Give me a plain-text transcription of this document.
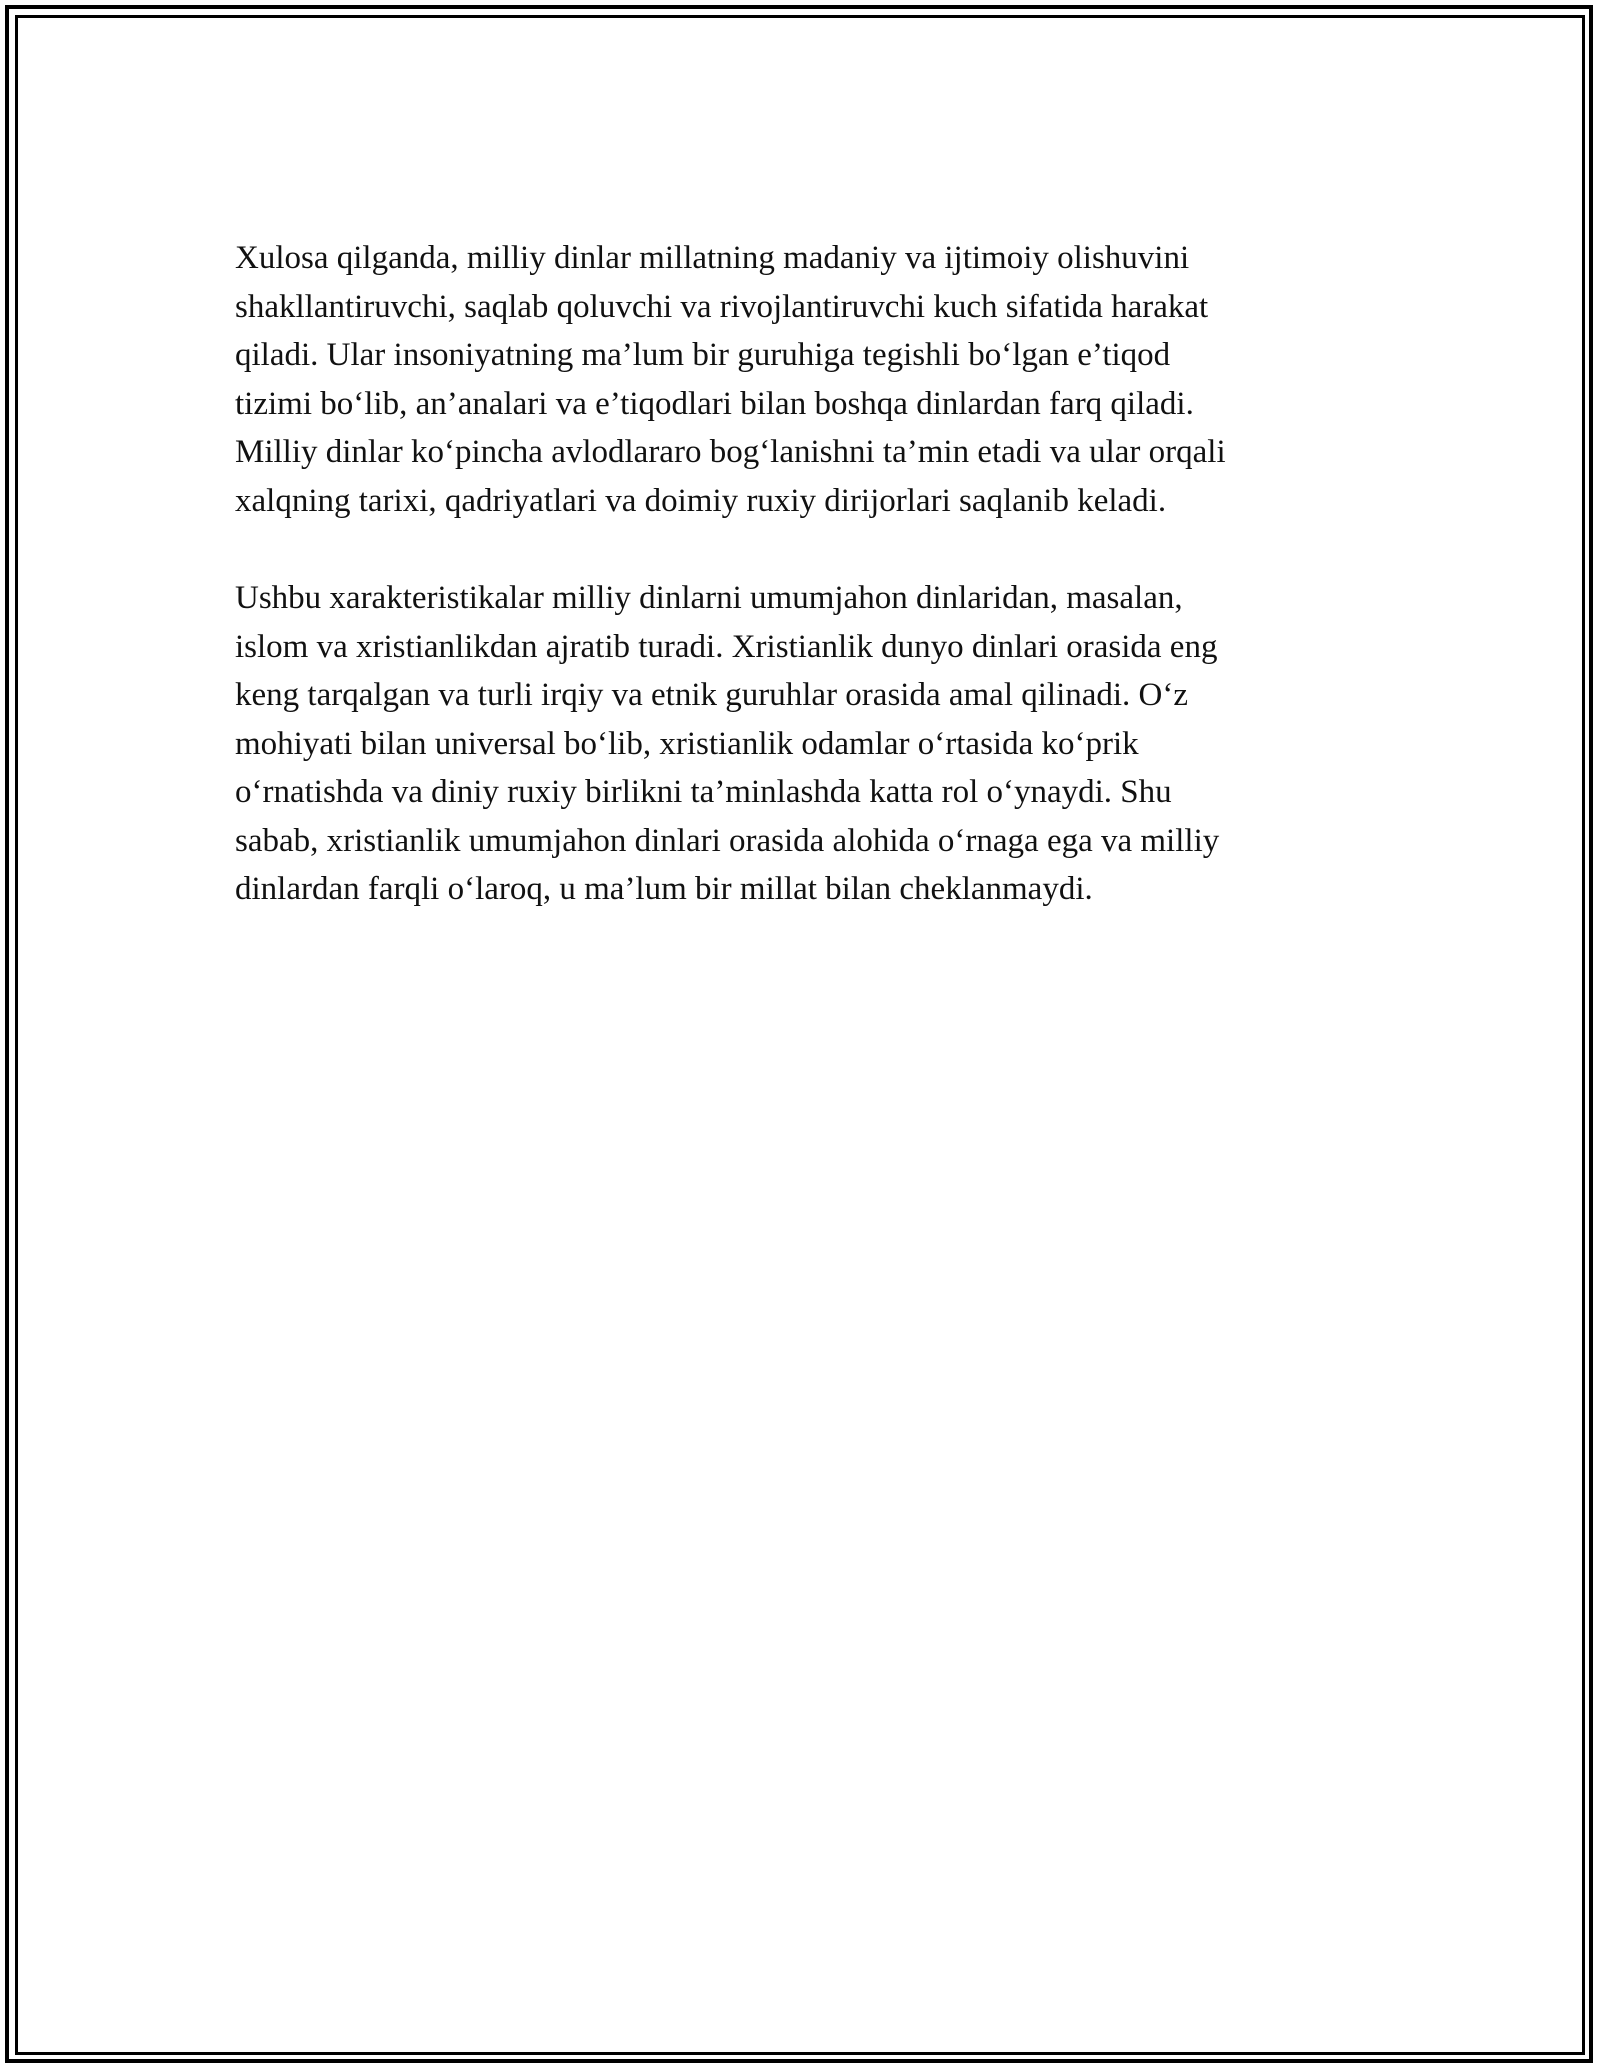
Xulosa qilganda, milliy dinlar millatning madaniy va ijtimoiy olishuvini
shakllantiruvchi, saqlab qoluvchi va rivojlantiruvchi kuch sifatida harakat
qiladi. Ular insoniyatning ma’lum bir guruhiga tegishli bo‘lgan e’tiqod
tizimi bo‘lib, an’analari va e’tiqodlari bilan boshqa dinlardan farq qiladi.
Milliy dinlar ko‘pincha avlodlararo bog‘lanishni ta’min etadi va ular orqali
xalqning tarixi, qadriyatlari va doimiy ruxiy dirijorlari saqlanib keladi.

Ushbu xarakteristikalar milliy dinlarni umumjahon dinlaridan, masalan,
islom va xristianlikdan ajratib turadi. Xristianlik dunyo dinlari orasida eng
keng tarqalgan va turli irqiy va etnik guruhlar orasida amal qilinadi. O‘z
mohiyati bilan universal bo‘lib, xristianlik odamlar o‘rtasida ko‘prik
o‘rnatishda va diniy ruxiy birlikni ta’minlashda katta rol o‘ynaydi. Shu
sabab, xristianlik umumjahon dinlari orasida alohida o‘rnaga ega va milliy
dinlardan farqli o‘laroq, u ma’lum bir millat bilan cheklanmaydi.
